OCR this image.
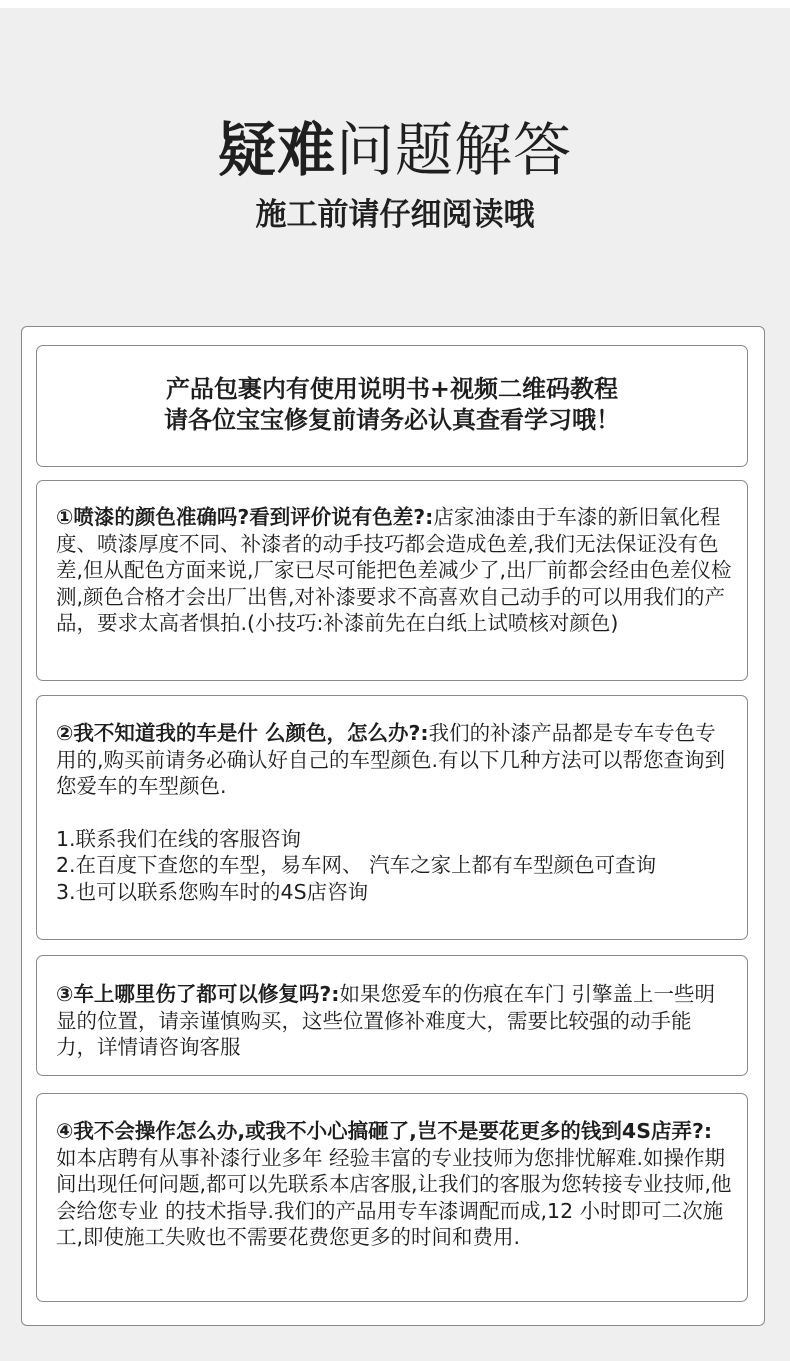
疑难问题解答
施工前请仔细阅读哦
产品包裹内有使用说明书+视频二维码教程
请各位宝宝修复前请务必认真查看学习哦！
①喷漆的颜色准确吗?看到评价说有色差?:店家油漆由于车漆的新旧氧化程度、喷漆厚度不同、补漆者的动手技巧都会造成色差,我们无法保证没有色差,但从配色方面来说,厂家已尽可能把色差减少了,出厂前都会经由色差仪检测,颜色合格才会出厂出售,对补漆要求不高喜欢自己动手的可以用我们的产品，要求太高者惧拍.(小技巧:补漆前先在白纸上试喷核对颜色)
②我不知道我的车是什 么颜色，怎么办?:我们的补漆产品都是专车专色专用的,购买前请务必确认好自己的车型颜色.有以下几种方法可以帮您查询到您爱车的车型颜色.
1.联系我们在线的客服咨询
2.在百度下查您的车型，易车网、 汽车之家上都有车型颜色可查询
3.也可以联系您购车时的4S店咨询
③车上哪里伤了都可以修复吗?:如果您爱车的伤痕在车门 引擎盖上一些明显的位置，请亲谨慎购买，这些位置修补难度大，需要比较强的动手能力，详情请咨询客服
④我不会操作怎么办,或我不小心搞砸了,岂不是要花更多的钱到4S店弄?:如本店聘有从事补漆行业多年 经验丰富的专业技师为您排忧解难.如操作期间出现任何问题,都可以先联系本店客服,让我们的客服为您转接专业技师,他会给您专业 的技术指导.我们的产品用专车漆调配而成,12 小时即可二次施工,即使施工失败也不需要花费您更多的时间和费用.
